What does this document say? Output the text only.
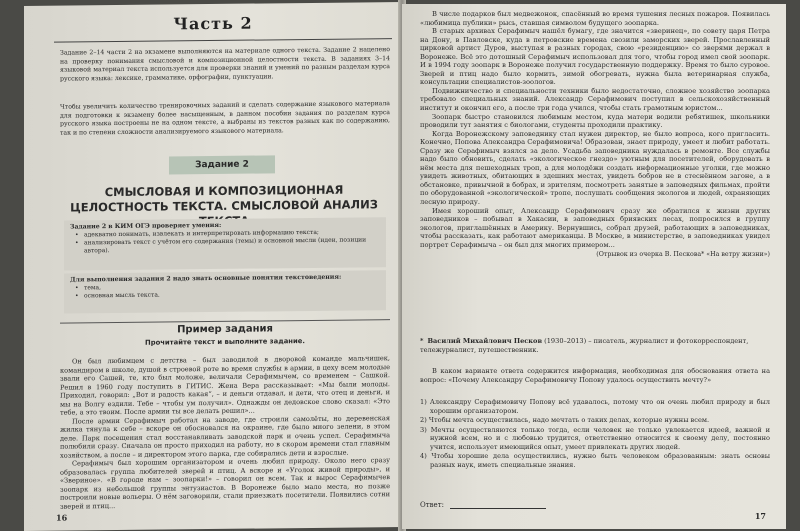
Часть 2

Задание 2–14 части 2 на экзамене выполняются на материале одного текста. Задание 2 нацелено на проверку понимания смысловой и композиционной целостности текста. В заданиях 3–14 языковой материал текста используется для проверки знаний и умений по разным разделам курса русского языка: лексике, грамматике, орфографии, пунктуации.

Чтобы увеличить количество тренировочных заданий и сделать содержание языкового материала для подготовки к экзамену более насыщенным, в данном пособии задания по разделам курса русского языка построены не на одном тексте, а выбраны из текстов разных как по содержанию, так и по степени сложности анализируемого языкового материала.

Задание 2
СМЫСЛОВАЯ И КОМПОЗИЦИОННАЯ ЦЕЛОСТНОСТЬ ТЕКСТА. СМЫСЛОВОЙ АНАЛИЗ
Задание 2 в КИМ ОГЭ проверяет умения:
• адекватно понимать, извлекать и интерпретировать информацию текста;
• анализировать текст с учётом его содержания (темы) и основной мысли (идеи, позиции автора).
Для выполнения задания 2 надо знать основные понятия текстоведения:
• тема,
• основная мысль текста.
Пример задания
Прочитайте текст и выполните задание.

Он был любимцем с детства – был заводилой в дворовой команде мальчишек, командиром в школе, душой в строевой роте во время службы в армии, в цеху всем молодые звали его Сашей, те, кто был моложе, величали Серафимычем, со временем – Сашкой. Решил в 1960 году поступить в ГИТИС. Жена Вера рассказывает: «Мы были молоды. Приходил, говорил: „Вот и радость какая“, – и деньги отдавал, и дети, что отец и деньги, и мы на Волгу ездили. Тебе – чтобы ум получил». Однажды он дедовское слово сказал: «Это тебе, а это твоим. После армии ты все делать решил»...

После армии Серафимыч работал на заводе, где строили самолёты, но деревенская жилка тянула к себе – вскоре он обосновался на окраине, где было много зелени, в этом деле. Парк посещения стал восстанавливать заводской парк и очень успел. Серафимыча полюбили сразу. Сначала он просто приходил на работу, но в скором времени стал главным хозяйством, а после – и директором этого парка, где собирались дети и взрослые.

Серафимыч был хорошим организатором и очень любил природу. Около него сразу образовалась группа любителей зверей и птиц. А вскоре и «Уголок живой природы», и «Звериное». «В городе нам – зоопарки!» – говорил он всем. Так и вырос Серафимычев зоопарк из небольшой группы энтузиастов. В Воронеже было мало места, но позже построили новые вольеры. О нём заговорили, стали приезжать посетители. Появились сотни зверей и птиц...

16

В числе подарков был медвежонок, спасённый во время тушения лесных пожаров. Появилась «любимица публики» рысь, ставшая символом будущего зоопарка.

В старых архивах Серафимыч нашёл бумагу, где значится «зверинец», по совету царя Петра на Дону, в Павловске, куда в петровские времена свозили заморских зверей. Прославленный цирковой артист Дуров, выступая в разных городах, свою «резиденцию» со зверями держал в Воронеже. Всё это дотошный Серафимыч использовал для того, чтобы город имел свой зоопарк. И в 1994 году зоопарк в Воронеже получил государственную поддержку. Время то было суровое. Зверей и птиц надо было кормить, зимой обогревать, нужна была ветеринарная служба, консультации специалистов-зоологов.

Подвижничество и специальности техники было недостаточно, сложное хозяйство зоопарка требовало специальных знаний. Александр Серафимович поступил в сельскохозяйственный институт и окончил его, а после три года учился, чтобы стать грамотным юристом...

Зоопарк быстро становился любимым местом, куда матери водили ребятишек, школьники проводили тут занятия с биологами, студенты проходили практику.

Когда Воронежскому заповеднику стал нужен директор, не было вопроса, кого пригласить. Конечно, Попова Александра Серафимовича! Образован, знает природу, умеет и любит работать. Сразу же Серафимыч взялся за дело. Усадьба заповедника нуждалась в ремонте. Все службы надо было обновить, сделать «экологическое гнездо» уютным для посетителей, оборудовать в нём места для пешеходных троп, а для молодёжи создать информационные уголки, где можно увидеть животных, обитающих в здешних местах, увидеть бобров не в стеснённом загоне, а в обстановке, привычной в бобрах, и зрителям, посмотреть занятые в заповедных фильмах, пройти по оборудованной «экологической» тропе, послушать сообщения экологов и людей, охраняющих лесную природу.

Имея хороший опыт, Александр Серафимович сразу же обратился к жизни других заповедников – побывал в Хакасии, в заповедных бриявских лесах, попросился в группу экологов, приглашённых в Америку. Вернувшись, собрал друзей, работающих в заповедниках, чтобы рассказать, как работают американцы. В Москве, в министерстве, в заповедниках увидел портрет Серафимыча – он был для многих примером...

(Отрывок из очерка В. Пескова* «На ветру жизни»)

* Василий Михайлович Песков (1930–2013) – писатель, журналист и фотокорреспондент, тележурналист, путешественник.

В каком варианте ответа содержится информация, необходимая для обоснования ответа на вопрос: «Почему Александру Серафимовичу Попову удалось осуществить мечту?»

1) Александру Серафимовичу Попову всё удавалось, потому что он очень любил природу и был хорошим организатором.
2) Чтобы мечта осуществилась, надо мечтать о таких делах, которые нужны всем.
3) Мечты осуществляются только тогда, если человек не только увлекается идеей, важной и нужной всем, но и с любовью трудится, ответственно относится к своему делу, постоянно учится, использует имеющийся опыт, умеет привлекать других людей.
4) Чтобы хорошие дела осуществились, нужно быть человеком образованным: знать основы разных наук, иметь специальные знания.
Ответ:
17
